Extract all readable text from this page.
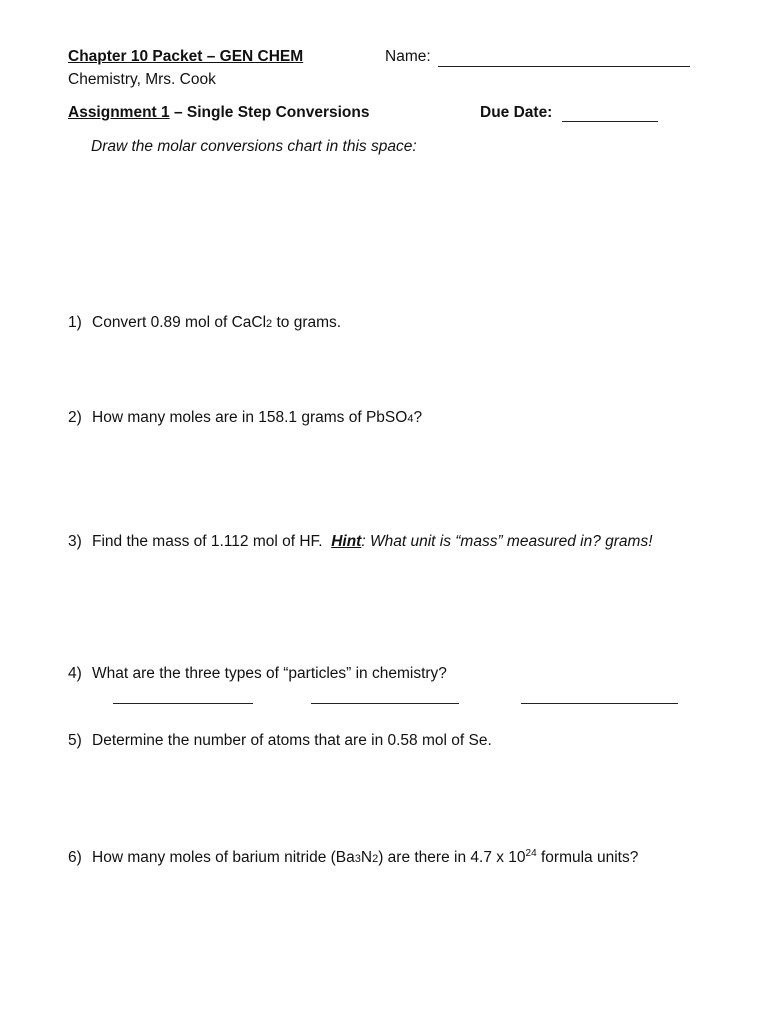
Chapter 10 Packet – GEN CHEM	Name:
Chemistry, Mrs. Cook
Assignment 1 – Single Step Conversions	Due Date:
Draw the molar conversions chart in this space:
1) Convert 0.89 mol of CaCl2 to grams.
2) How many moles are in 158.1 grams of PbSO4?
3) Find the mass of 1.112 mol of HF. Hint: What unit is “mass” measured in? grams!
4) What are the three types of “particles” in chemistry?
5) Determine the number of atoms that are in 0.58 mol of Se.
6) How many moles of barium nitride (Ba3N2) are there in 4.7 x $10^{24}$ formula units?
